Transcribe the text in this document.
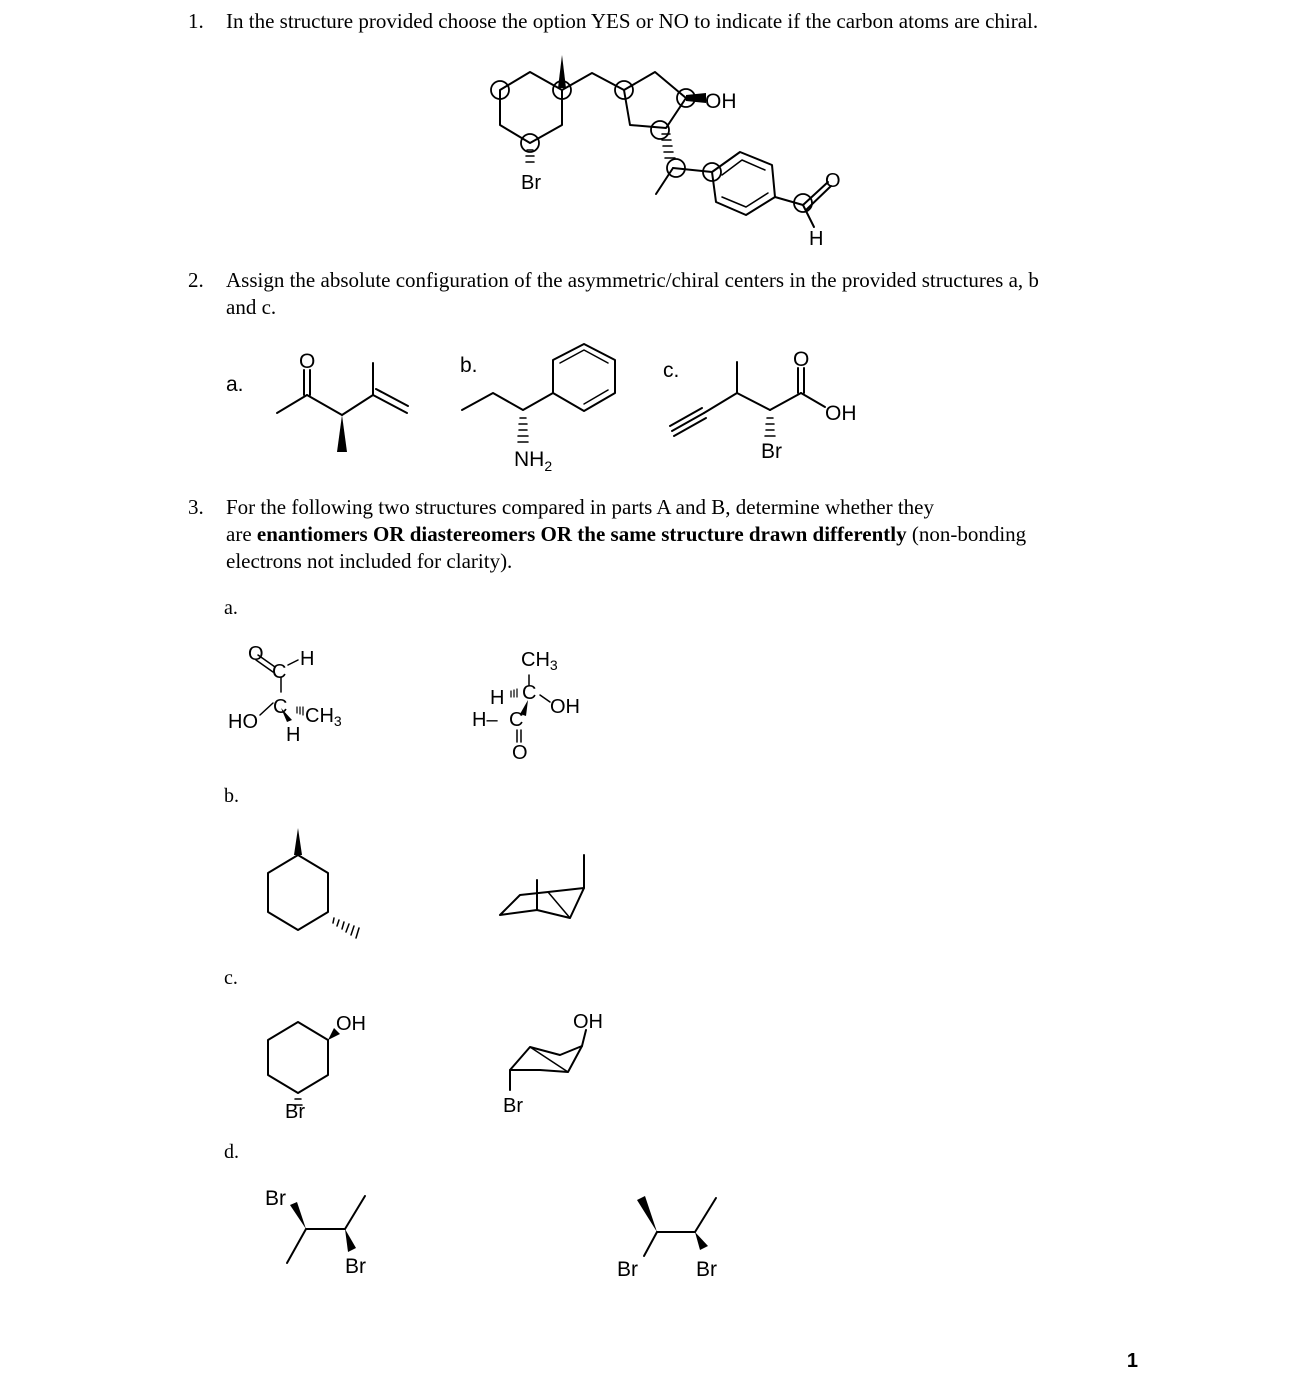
1. In the structure provided choose the option YES or NO to indicate if the carbon atoms are chiral.
2. Assign the absolute configuration of the asymmetric/chiral centers in the provided structures a, b
and c.
3. For the following two structures compared in parts A and B, determine whether they
are enantiomers OR diastereomers OR the same structure drawn differently (non-bonding
electrons not included for clarity).
a.
b.
c.
d.
1
OH
Br	O
H
a.
b.	c.
O
$NH_2$
O
OH
Br
O
C
H
C $CH_3$
HO
H
$CH_3$
H C
OH
H– C
O
OH
Br
OH
Br
Br
Br	Br	Br
